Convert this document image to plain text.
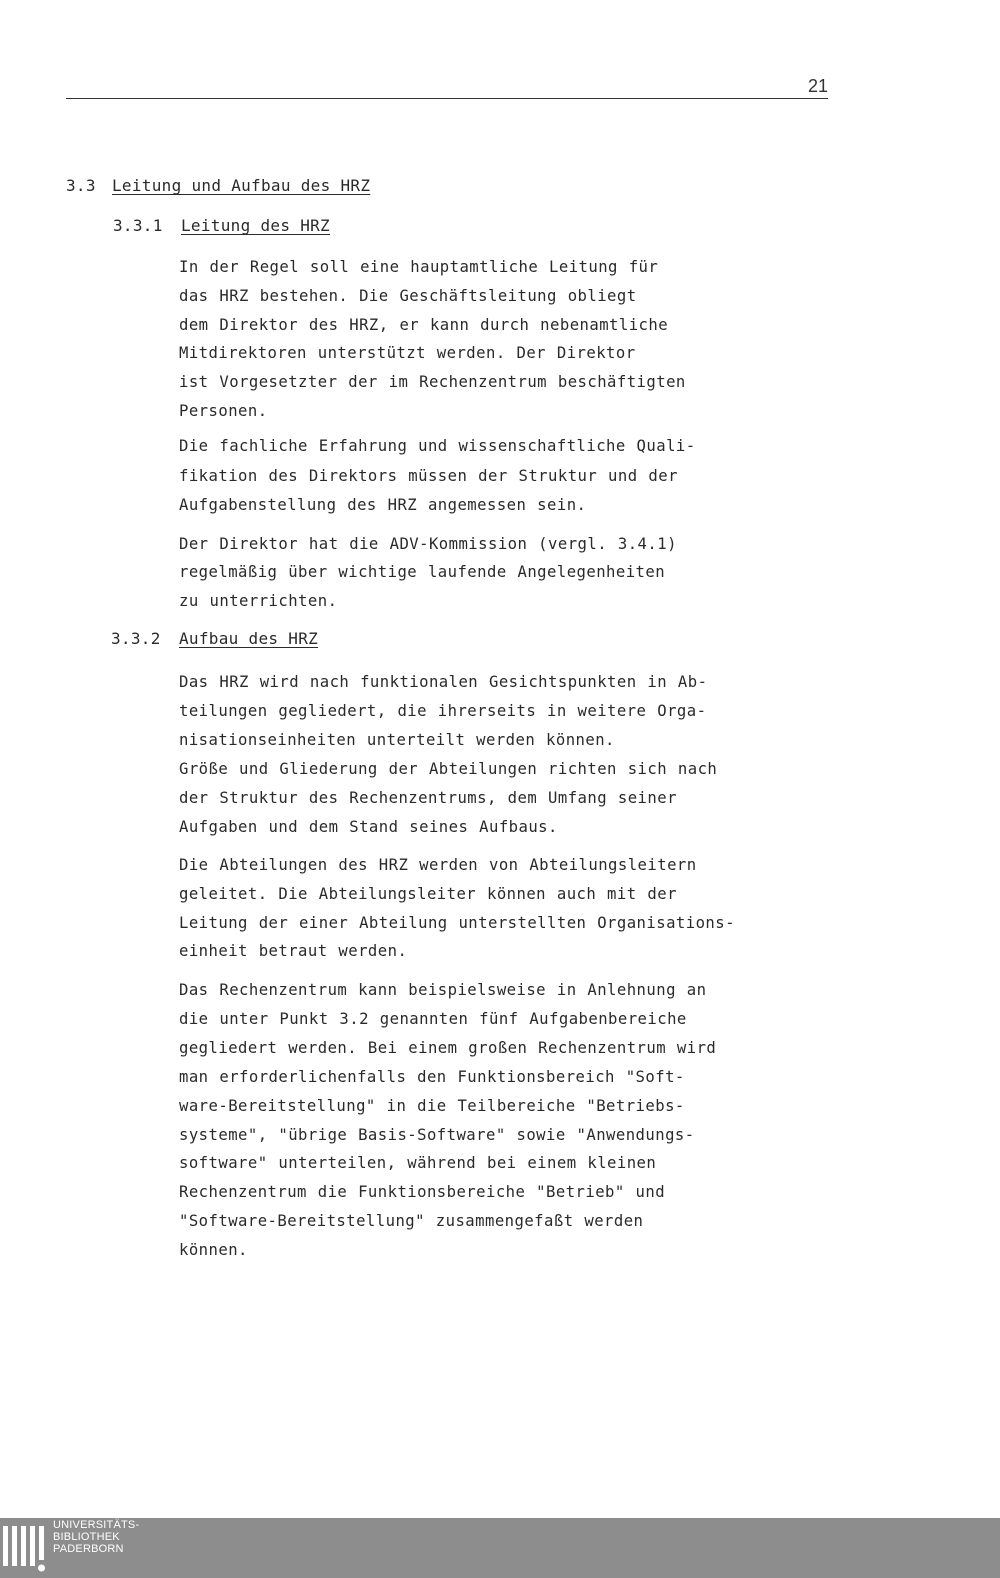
21
3.3 Leitung und Aufbau des HRZ
3.3.1 Leitung des HRZ

In der Regel soll eine hauptamtliche Leitung für
das HRZ bestehen. Die Geschäftsleitung obliegt
dem Direktor des HRZ, er kann durch nebenamtliche
Mitdirektoren unterstützt werden. Der Direktor
ist Vorgesetzter der im Rechenzentrum beschäftigten
Personen.

Die fachliche Erfahrung und wissenschaftliche Quali-
fikation des Direktors müssen der Struktur und der
Aufgabenstellung des HRZ angemessen sein.

Der Direktor hat die ADV-Kommission (vergl. 3.4.1)
regelmäßig über wichtige laufende Angelegenheiten
zu unterrichten.

3.3.2 Aufbau des HRZ

Das HRZ wird nach funktionalen Gesichtspunkten in Ab-
teilungen gegliedert, die ihrerseits in weitere Orga-
nisationseinheiten unterteilt werden können.
Größe und Gliederung der Abteilungen richten sich nach
der Struktur des Rechenzentrums, dem Umfang seiner
Aufgaben und dem Stand seines Aufbaus.

Die Abteilungen des HRZ werden von Abteilungsleitern
geleitet. Die Abteilungsleiter können auch mit der
Leitung der einer Abteilung unterstellten Organisations-
einheit betraut werden.

Das Rechenzentrum kann beispielsweise in Anlehnung an
die unter Punkt 3.2 genannten fünf Aufgabenbereiche
gegliedert werden. Bei einem großen Rechenzentrum wird
man erforderlichenfalls den Funktionsbereich "Soft-
ware-Bereitstellung" in die Teilbereiche "Betriebs-
systeme", "übrige Basis-Software" sowie "Anwendungs-
software" unterteilen, während bei einem kleinen
Rechenzentrum die Funktionsbereiche "Betrieb" und
"Software-Bereitstellung" zusammengefaßt werden
können.

UNIVERSITÄTS-
BIBLIOTHEK
PADERBORN
